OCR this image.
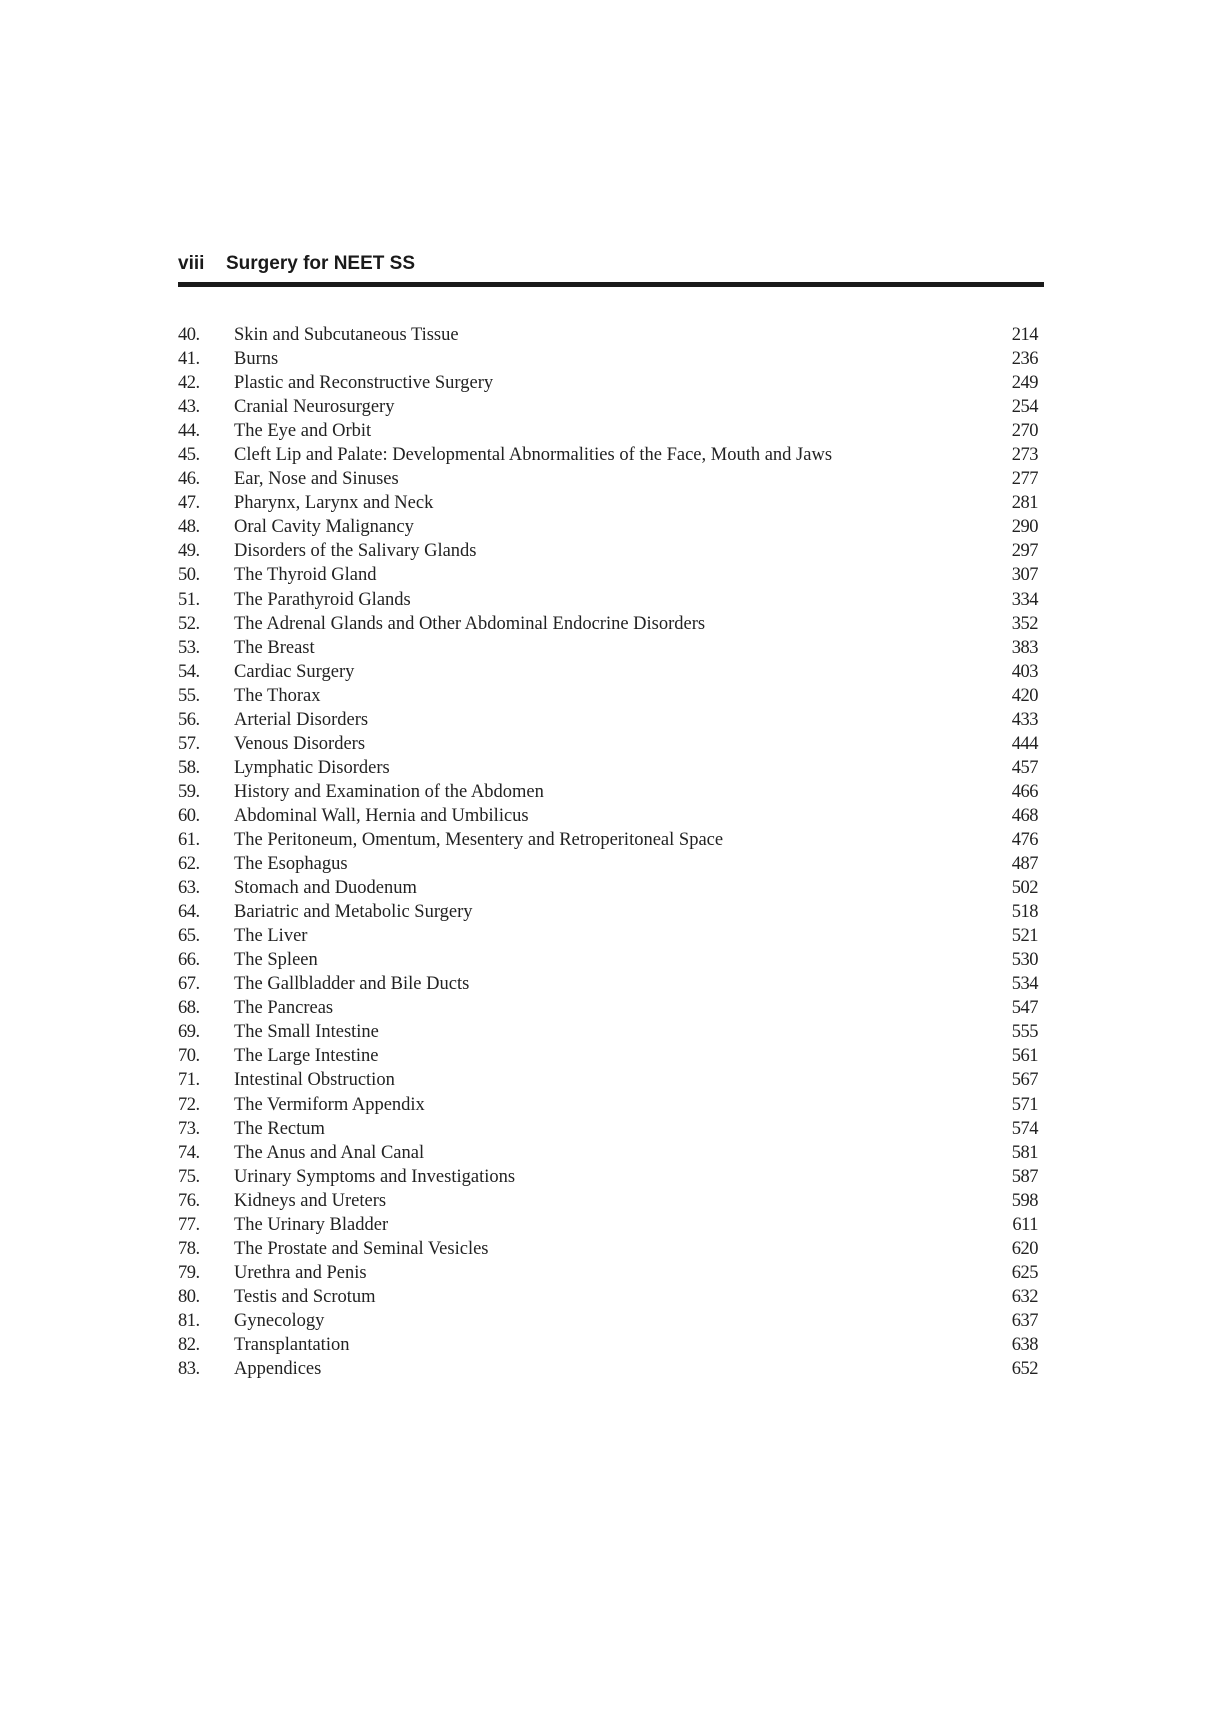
viii Surgery for NEET SS
40. Skin and Subcutaneous Tissue	214
41. Burns	236
42. Plastic and Reconstructive Surgery	249
43. Cranial Neurosurgery	254
44. The Eye and Orbit	270
45. Cleft Lip and Palate: Developmental Abnormalities of the Face, Mouth and Jaws	273
46. Ear, Nose and Sinuses	277
47. Pharynx, Larynx and Neck	281
48. Oral Cavity Malignancy	290
49. Disorders of the Salivary Glands	297
50. The Thyroid Gland	307
51. The Parathyroid Glands	334
52. The Adrenal Glands and Other Abdominal Endocrine Disorders	352
53. The Breast	383
54. Cardiac Surgery	403
55. The Thorax	420
56. Arterial Disorders	433
57. Venous Disorders	444
58. Lymphatic Disorders	457
59. History and Examination of the Abdomen	466
60. Abdominal Wall, Hernia and Umbilicus	468
61. The Peritoneum, Omentum, Mesentery and Retroperitoneal Space	476
62. The Esophagus	487
63. Stomach and Duodenum	502
64. Bariatric and Metabolic Surgery	518
65. The Liver	521
66. The Spleen	530
67. The Gallbladder and Bile Ducts	534
68. The Pancreas	547
69. The Small Intestine	555
70. The Large Intestine	561
71. Intestinal Obstruction	567
72. The Vermiform Appendix	571
73. The Rectum	574
74. The Anus and Anal Canal	581
75. Urinary Symptoms and Investigations	587
76. Kidneys and Ureters	598
77. The Urinary Bladder	611
78. The Prostate and Seminal Vesicles	620
79. Urethra and Penis	625
80. Testis and Scrotum	632
81. Gynecology	637
82. Transplantation	638
83. Appendices	652
